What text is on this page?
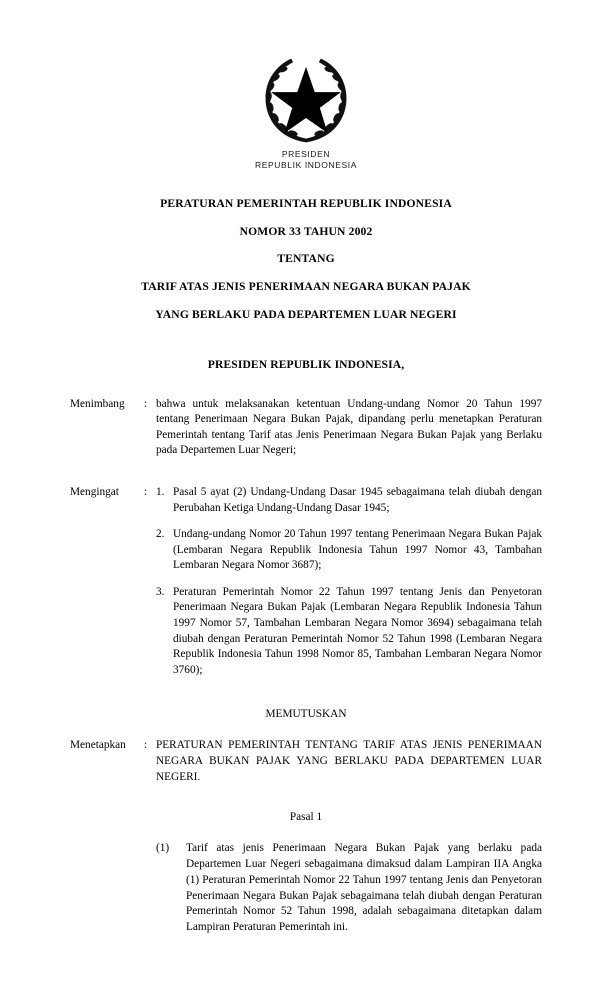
PRESIDEN
REPUBLIK INDONESIA
PERATURAN PEMERINTAH REPUBLIK INDONESIA
NOMOR 33 TAHUN 2002
TENTANG
TARIF ATAS JENIS PENERIMAAN NEGARA BUKAN PAJAK
YANG BERLAKU PADA DEPARTEMEN LUAR NEGERI
PRESIDEN REPUBLIK INDONESIA,
Menimbang	: bahwa untuk melaksanakan ketentuan Undang-undang Nomor 20 Tahun 1997 tentang Penerimaan Negara Bukan Pajak, dipandang perlu menetapkan Peraturan Pemerintah tentang Tarif atas Jenis Penerimaan Negara Bukan Pajak yang Berlaku pada Departemen Luar Negeri;

Mengingat	: 1. Pasal 5 ayat (2) Undang-Undang Dasar 1945 sebagaimana telah diubah dengan Perubahan Ketiga Undang-Undang Dasar 1945;
2. Undang-undang Nomor 20 Tahun 1997 tentang Penerimaan Negara Bukan Pajak (Lembaran Negara Republik Indonesia Tahun 1997 Nomor 43, Tambahan Lembaran Negara Nomor 3687);
3. Peraturan Pemerintah Nomor 22 Tahun 1997 tentang Jenis dan Penyetoran Penerimaan Negara Bukan Pajak (Lembaran Negara Republik Indonesia Tahun 1997 Nomor 57, Tambahan Lembaran Negara Nomor 3694) sebagaimana telah diubah dengan Peraturan Pemerintah Nomor 52 Tahun 1998 (Lembaran Negara Republik Indonesia Tahun 1998 Nomor 85, Tambahan Lembaran Negara Nomor 3760);
MEMUTUSKAN
Menetapkan	: PERATURAN PEMERINTAH TENTANG TARIF ATAS JENIS PENERIMAAN NEGARA BUKAN PAJAK YANG BERLAKU PADA DEPARTEMEN LUAR NEGERI.
Pasal 1
(1)	Tarif atas jenis Penerimaan Negara Bukan Pajak yang berlaku pada Departemen Luar Negeri sebagaimana dimaksud dalam Lampiran IIA Angka (1) Peraturan Pemerintah Nomor 22 Tahun 1997 tentang Jenis dan Penyetoran Penerimaan Negara Bukan Pajak sebagaimana telah diubah dengan Peraturan Pemerintah Nomor 52 Tahun 1998, adalah sebagaimana ditetapkan dalam Lampiran Peraturan Pemerintah ini.
